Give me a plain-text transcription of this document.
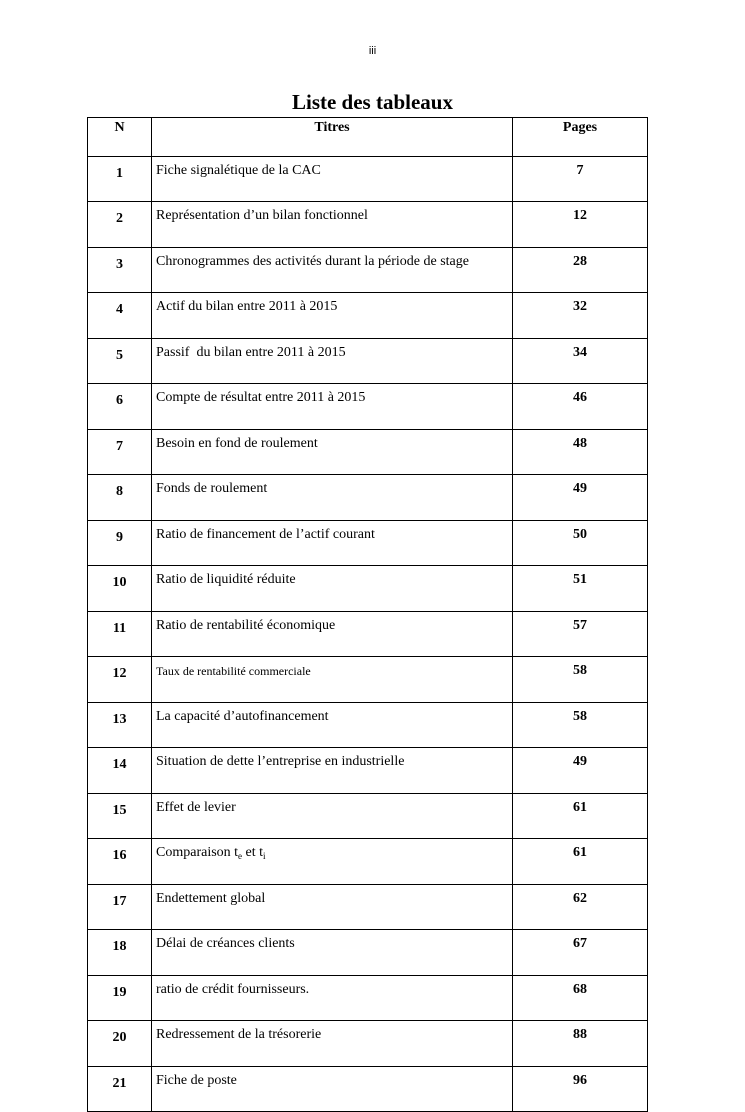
iii
Liste des tableaux
N	Titres	Pages
1	Fiche signalétique de la CAC	7
2	Représentation d’un bilan fonctionnel	12
3	Chronogrammes des activités durant la période de stage	28
4	Actif du bilan entre 2011 à 2015	32
5	Passif  du bilan entre 2011 à 2015	34
6	Compte de résultat entre 2011 à 2015	46
7	Besoin en fond de roulement	48
8	Fonds de roulement	49
9	Ratio de financement de l’actif courant	50
10	Ratio de liquidité réduite	51
11	Ratio de rentabilité économique	57
12	Taux de rentabilité commerciale	58
13	La capacité d’autofinancement	58
14	Situation de dette l’entreprise en industrielle	49
15	Effet de levier	61
16	Comparaison $t_e$ et $t_i$	61
17	Endettement global	62
18	Délai de créances clients	67
19	ratio de crédit fournisseurs.	68
20	Redressement de la trésorerie	88
21	Fiche de poste	96
